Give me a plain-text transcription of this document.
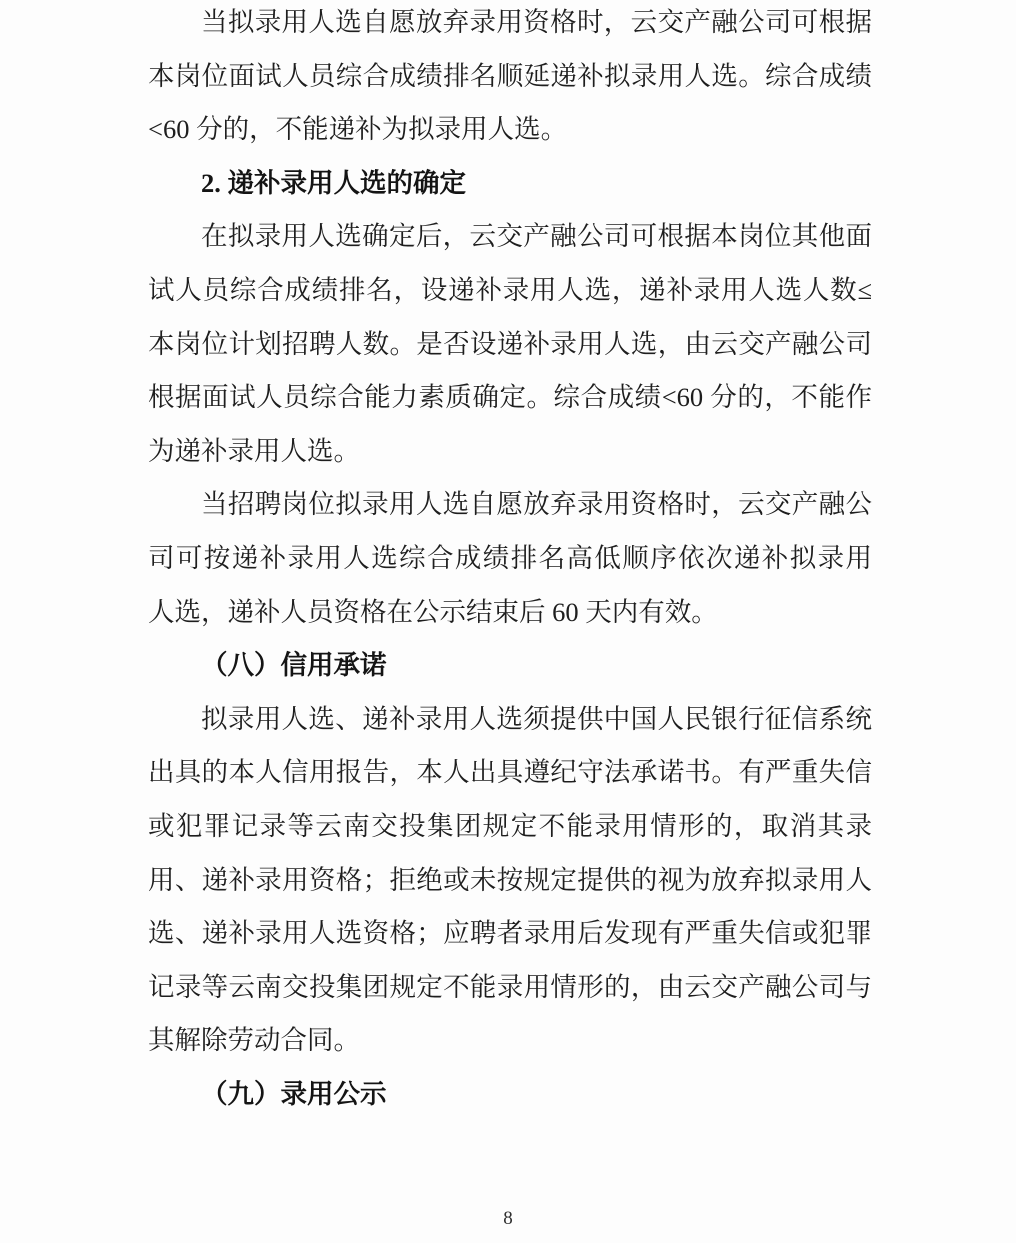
当拟录用人选自愿放弃录用资格时，云交产融公司可根据
本岗位面试人员综合成绩排名顺延递补拟录用人选。综合成绩
<60 分的，不能递补为拟录用人选。
2. 递补录用人选的确定
在拟录用人选确定后，云交产融公司可根据本岗位其他面
试人员综合成绩排名，设递补录用人选，递补录用人选人数≤
本岗位计划招聘人数。是否设递补录用人选，由云交产融公司
根据面试人员综合能力素质确定。综合成绩<60 分的，不能作
为递补录用人选。
当招聘岗位拟录用人选自愿放弃录用资格时，云交产融公
司可按递补录用人选综合成绩排名高低顺序依次递补拟录用
人选，递补人员资格在公示结束后 60 天内有效。
（八）信用承诺
拟录用人选、递补录用人选须提供中国人民银行征信系统
出具的本人信用报告，本人出具遵纪守法承诺书。有严重失信
或犯罪记录等云南交投集团规定不能录用情形的，取消其录
用、递补录用资格；拒绝或未按规定提供的视为放弃拟录用人
选、递补录用人选资格；应聘者录用后发现有严重失信或犯罪
记录等云南交投集团规定不能录用情形的，由云交产融公司与
其解除劳动合同。
（九）录用公示
8
